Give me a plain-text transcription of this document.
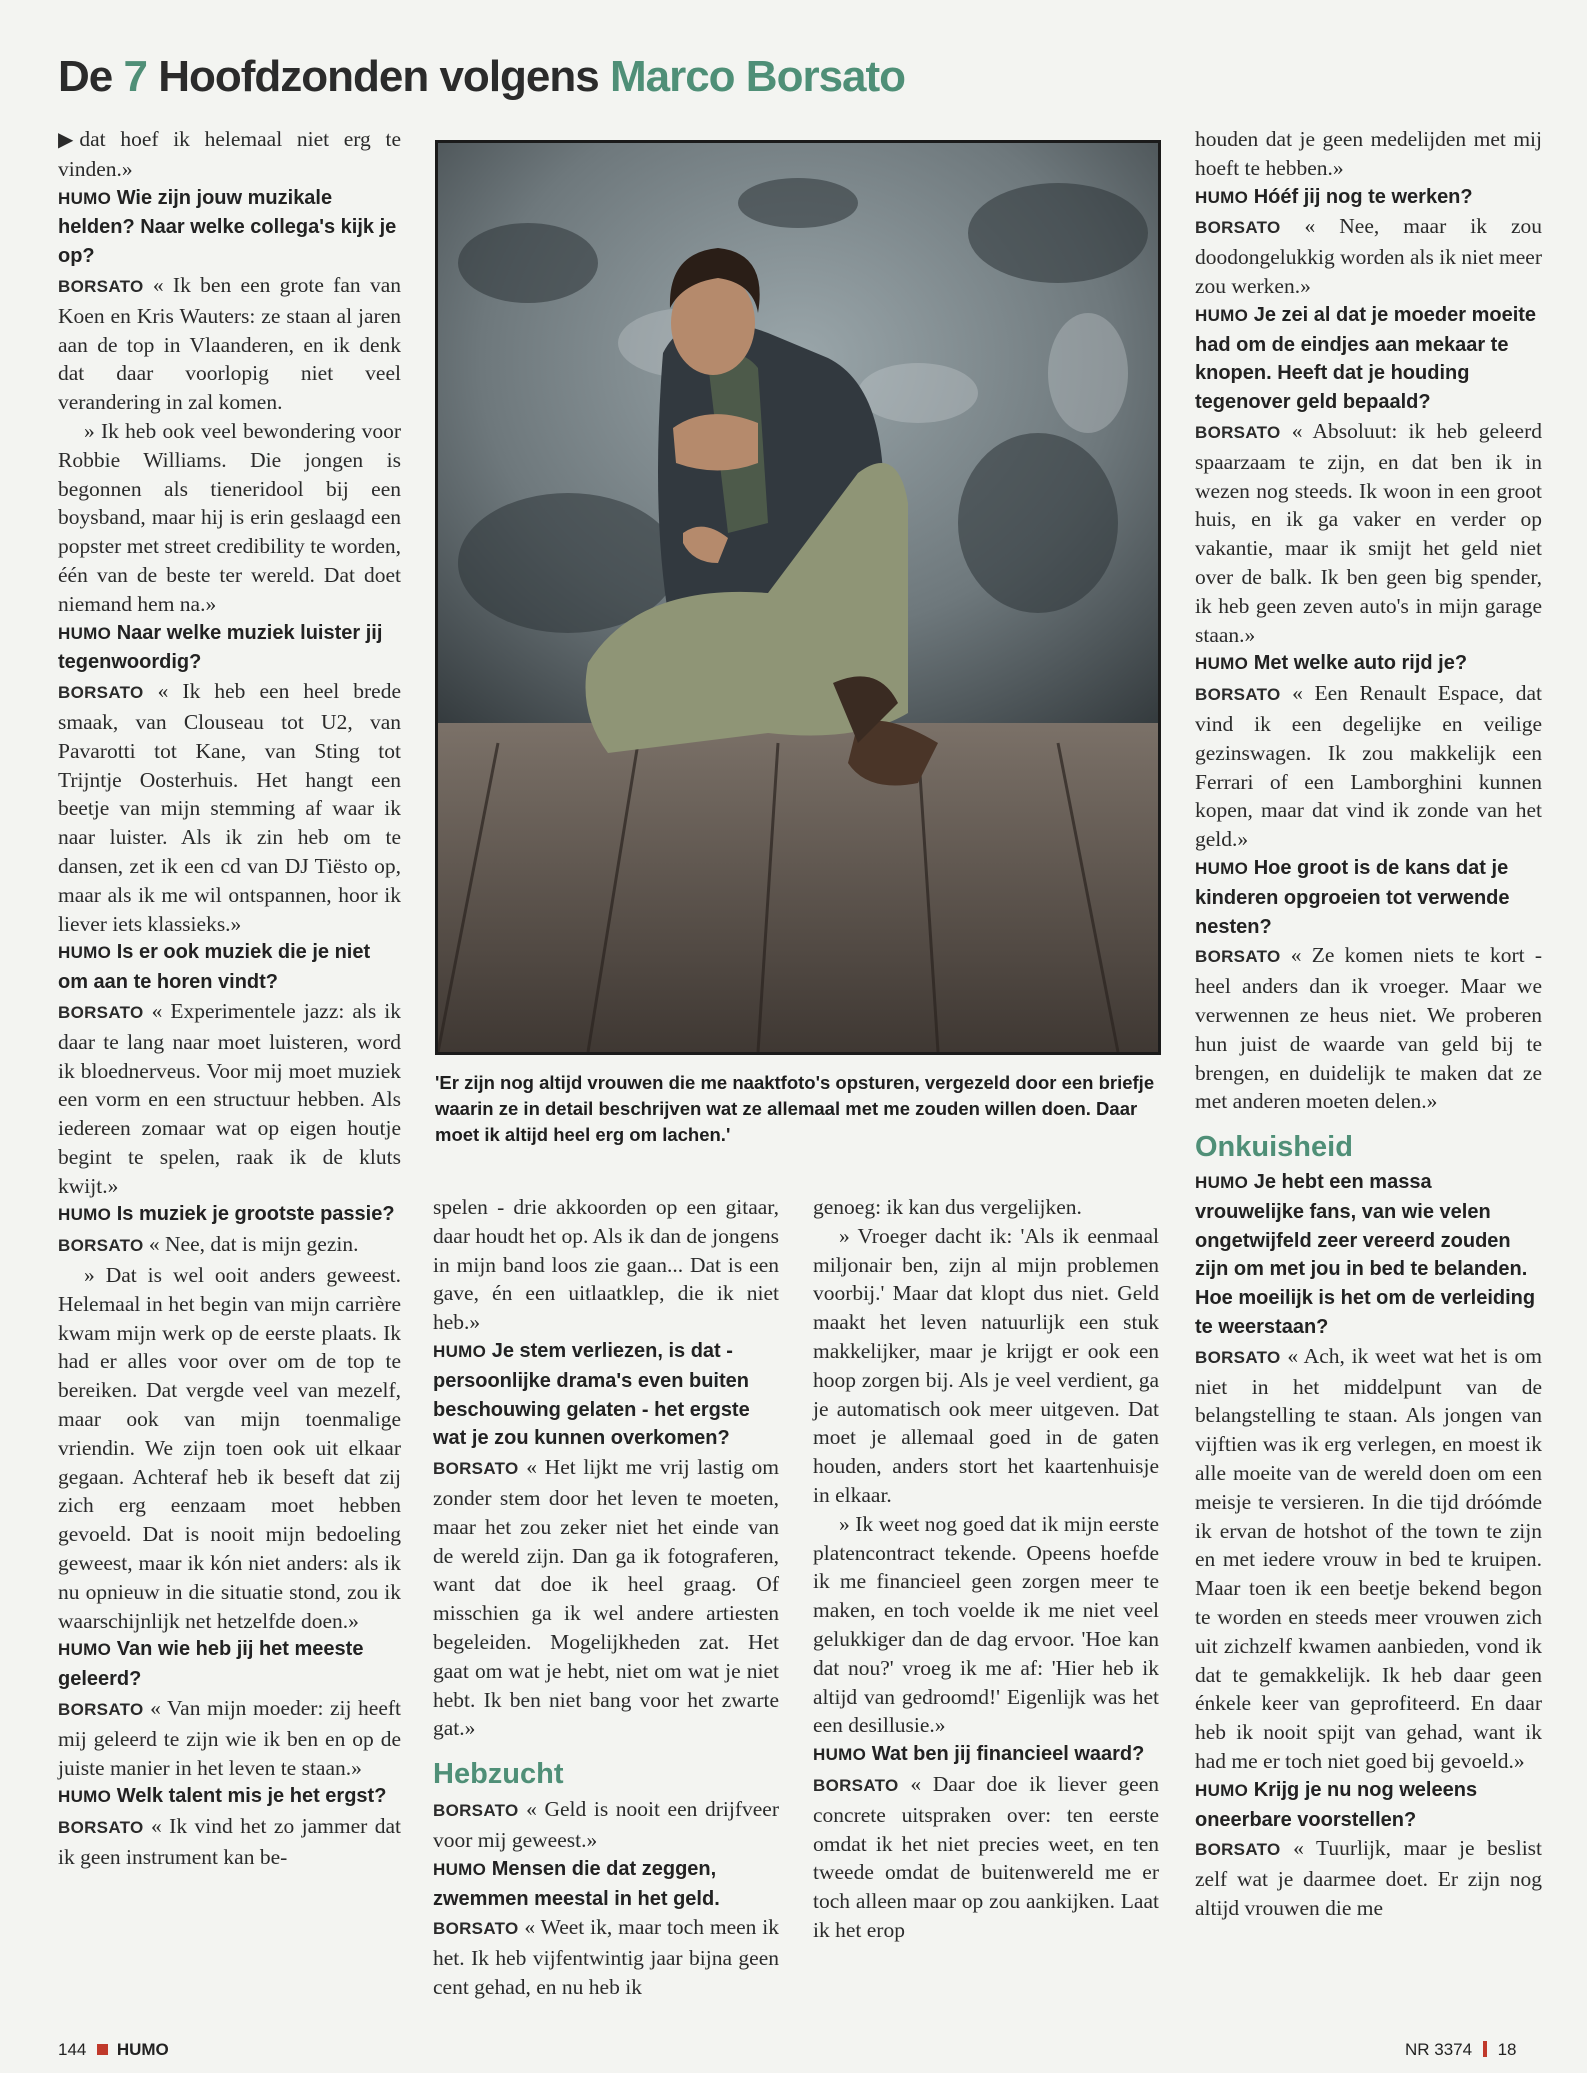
De 7 Hoofdzonden volgens Marco Borsato

▶ dat hoef ik helemaal niet erg te vinden.»

HUMO Wie zijn jouw muzikale helden? Naar welke collega's kijk je op?

BORSATO « Ik ben een grote fan van Koen en Kris Wauters: ze staan al jaren aan de top in Vlaanderen, en ik denk dat daar voorlopig niet veel verandering in zal komen.

» Ik heb ook veel bewondering voor Robbie Williams. Die jongen is begonnen als tieneridool bij een boysband, maar hij is erin geslaagd een popster met street credibility te worden, één van de beste ter wereld. Dat doet niemand hem na.»

HUMO Naar welke muziek luister jij tegenwoordig?

BORSATO « Ik heb een heel brede smaak, van Clouseau tot U2, van Pavarotti tot Kane, van Sting tot Trijntje Oosterhuis. Het hangt een beetje van mijn stemming af waar ik naar luister. Als ik zin heb om te dansen, zet ik een cd van DJ Tiësto op, maar als ik me wil ontspannen, hoor ik liever iets klassieks.»

HUMO Is er ook muziek die je niet om aan te horen vindt?

BORSATO « Experimentele jazz: als ik daar te lang naar moet luisteren, word ik bloednerveus. Voor mij moet muziek een vorm en een structuur hebben. Als iedereen zomaar wat op eigen houtje begint te spelen, raak ik de kluts kwijt.»

HUMO Is muziek je grootste passie?

BORSATO « Nee, dat is mijn gezin.

» Dat is wel ooit anders geweest. Helemaal in het begin van mijn carrière kwam mijn werk op de eerste plaats. Ik had er alles voor over om de top te bereiken. Dat vergde veel van mezelf, maar ook van mijn toenmalige vriendin. We zijn toen ook uit elkaar gegaan. Achteraf heb ik beseft dat zij zich erg eenzaam moet hebben gevoeld. Dat is nooit mijn bedoeling geweest, maar ik kón niet anders: als ik nu opnieuw in die situatie stond, zou ik waarschijnlijk net hetzelfde doen.»

HUMO Van wie heb jij het meeste geleerd?

BORSATO « Van mijn moeder: zij heeft mij geleerd te zijn wie ik ben en op de juiste manier in het leven te staan.»

HUMO Welk talent mis je het ergst?

BORSATO « Ik vind het zo jammer dat ik geen instrument kan be-

spelen - drie akkoorden op een gitaar, daar houdt het op. Als ik dan de jongens in mijn band loos zie gaan... Dat is een gave, én een uitlaatklep, die ik niet heb.»

HUMO Je stem verliezen, is dat - persoonlijke drama's even buiten beschouwing gelaten - het ergste wat je zou kunnen overkomen?

BORSATO « Het lijkt me vrij lastig om zonder stem door het leven te moeten, maar het zou zeker niet het einde van de wereld zijn. Dan ga ik fotograferen, want dat doe ik heel graag. Of misschien ga ik wel andere artiesten begeleiden. Mogelijkheden zat. Het gaat om wat je hebt, niet om wat je niet hebt. Ik ben niet bang voor het zwarte gat.»

Hebzucht

BORSATO « Geld is nooit een drijfveer voor mij geweest.»

HUMO Mensen die dat zeggen, zwemmen meestal in het geld.

BORSATO « Weet ik, maar toch meen ik het. Ik heb vijfentwintig jaar bijna geen cent gehad, en nu heb ik

genoeg: ik kan dus vergelijken.

» Vroeger dacht ik: 'Als ik eenmaal miljonair ben, zijn al mijn problemen voorbij.' Maar dat klopt dus niet. Geld maakt het leven natuurlijk een stuk makkelijker, maar je krijgt er ook een hoop zorgen bij. Als je veel verdient, ga je automatisch ook meer uitgeven. Dat moet je allemaal goed in de gaten houden, anders stort het kaartenhuisje in elkaar.

» Ik weet nog goed dat ik mijn eerste platencontract tekende. Opeens hoefde ik me financieel geen zorgen meer te maken, en toch voelde ik me niet veel gelukkiger dan de dag ervoor. 'Hoe kan dat nou?' vroeg ik me af: 'Hier heb ik altijd van gedroomd!' Eigenlijk was het een desillusie.»

HUMO Wat ben jij financieel waard?

BORSATO « Daar doe ik liever geen concrete uitspraken over: ten eerste omdat ik het niet precies weet, en ten tweede omdat de buitenwereld me er toch alleen maar op zou aankijken. Laat ik het erop

houden dat je geen medelijden met mij hoeft te hebben.»

HUMO Hóéf jij nog te werken?

BORSATO « Nee, maar ik zou doodongelukkig worden als ik niet meer zou werken.»

HUMO Je zei al dat je moeder moeite had om de eindjes aan mekaar te knopen. Heeft dat je houding tegenover geld bepaald?

BORSATO « Absoluut: ik heb geleerd spaarzaam te zijn, en dat ben ik in wezen nog steeds. Ik woon in een groot huis, en ik ga vaker en verder op vakantie, maar ik smijt het geld niet over de balk. Ik ben geen big spender, ik heb geen zeven auto's in mijn garage staan.»

HUMO Met welke auto rijd je?

BORSATO « Een Renault Espace, dat vind ik een degelijke en veilige gezinswagen. Ik zou makkelijk een Ferrari of een Lamborghini kunnen kopen, maar dat vind ik zonde van het geld.»

HUMO Hoe groot is de kans dat je kinderen opgroeien tot verwende nesten?

BORSATO « Ze komen niets te kort - heel anders dan ik vroeger. Maar we verwennen ze heus niet. We proberen hun juist de waarde van geld bij te brengen, en duidelijk te maken dat ze met anderen moeten delen.»

Onkuisheid

HUMO Je hebt een massa vrouwelijke fans, van wie velen ongetwijfeld zeer vereerd zouden zijn om met jou in bed te belanden. Hoe moeilijk is het om de verleiding te weerstaan?

BORSATO « Ach, ik weet wat het is om niet in het middelpunt van de belangstelling te staan. Als jongen van vijftien was ik erg verlegen, en moest ik alle moeite van de wereld doen om een meisje te versieren. In die tijd dróómde ik ervan de hotshot of the town te zijn en met iedere vrouw in bed te kruipen. Maar toen ik een beetje bekend begon te worden en steeds meer vrouwen zich uit zichzelf kwamen aanbieden, vond ik dat te gemakkelijk. Ik heb daar geen énkele keer van geprofiteerd. En daar heb ik nooit spijt van gehad, want ik had me er toch niet goed bij gevoeld.»

HUMO Krijg je nu nog weleens oneerbare voorstellen?

BORSATO « Tuurlijk, maar je beslist zelf wat je daarmee doet. Er zijn nog altijd vrouwen die me

'Er zijn nog altijd vrouwen die me naaktfoto's opsturen, vergezeld door een briefje waarin ze in detail beschrijven wat ze allemaal met me zouden willen doen. Daar moet ik altijd heel erg om lachen.'
144 HUMO	NR 3374 18
